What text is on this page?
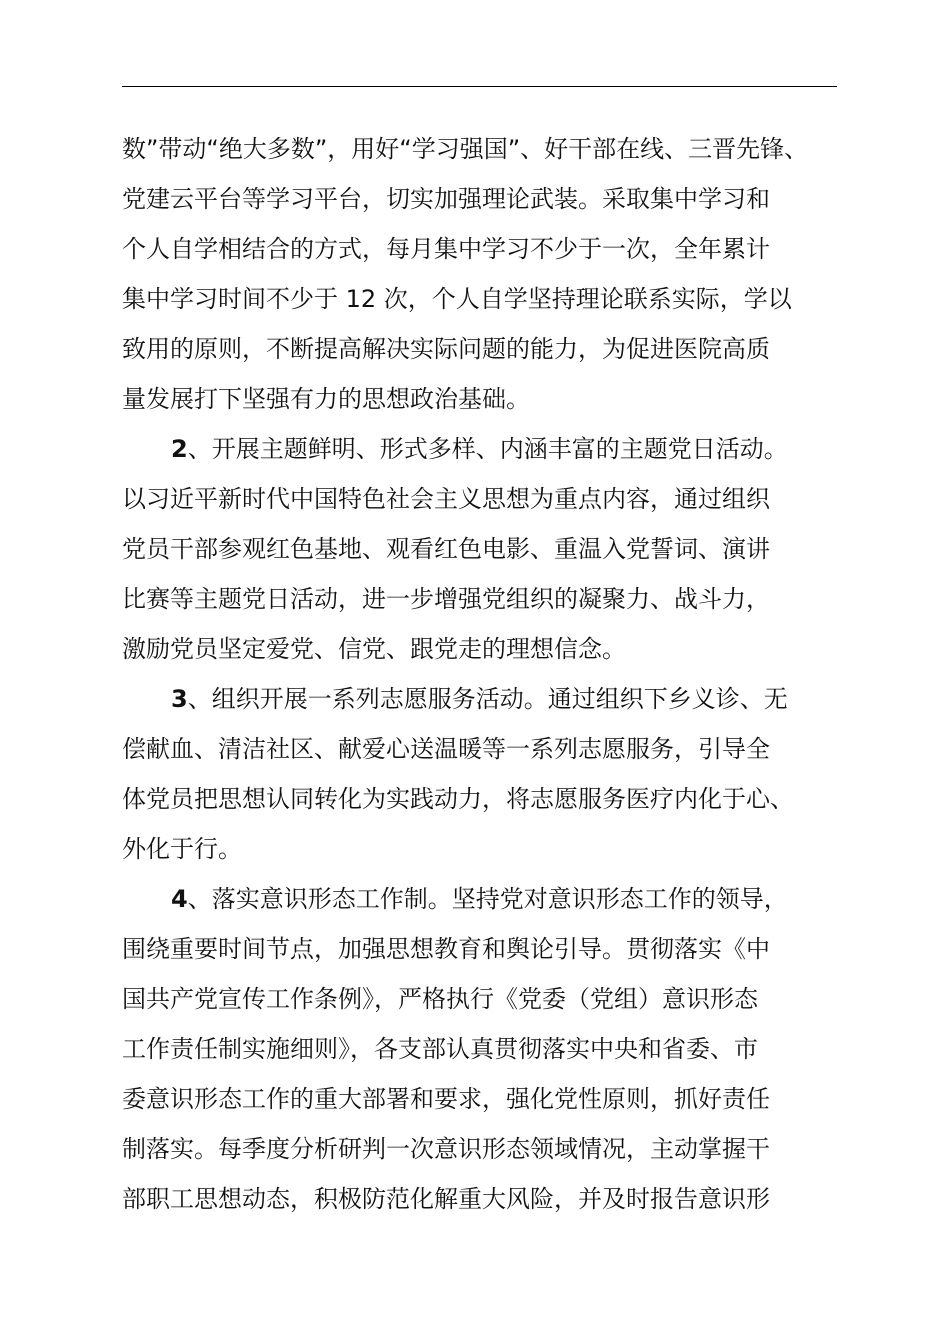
数”带动“绝大多数”，用好“学习强国”、好干部在线、三晋先锋、
党建云平台等学习平台，切实加强理论武装。采取集中学习和
个人自学相结合的方式，每月集中学习不少于一次，全年累计
集中学习时间不少于 12 次，个人自学坚持理论联系实际，学以
致用的原则，不断提高解决实际问题的能力，为促进医院高质
量发展打下坚强有力的思想政治基础。
2、开展主题鲜明、形式多样、内涵丰富的主题党日活动。
以习近平新时代中国特色社会主义思想为重点内容，通过组织
党员干部参观红色基地、观看红色电影、重温入党誓词、演讲
比赛等主题党日活动，进一步增强党组织的凝聚力、战斗力，
激励党员坚定爱党、信党、跟党走的理想信念。
3、组织开展一系列志愿服务活动。通过组织下乡义诊、无
偿献血、清洁社区、献爱心送温暖等一系列志愿服务，引导全
体党员把思想认同转化为实践动力，将志愿服务医疗内化于心、
外化于行。
4、落实意识形态工作制。坚持党对意识形态工作的领导，
围绕重要时间节点，加强思想教育和舆论引导。贯彻落实《中
国共产党宣传工作条例》，严格执行《党委（党组）意识形态
工作责任制实施细则》，各支部认真贯彻落实中央和省委、市
委意识形态工作的重大部署和要求，强化党性原则，抓好责任
制落实。每季度分析研判一次意识形态领域情况，主动掌握干
部职工思想动态，积极防范化解重大风险，并及时报告意识形
